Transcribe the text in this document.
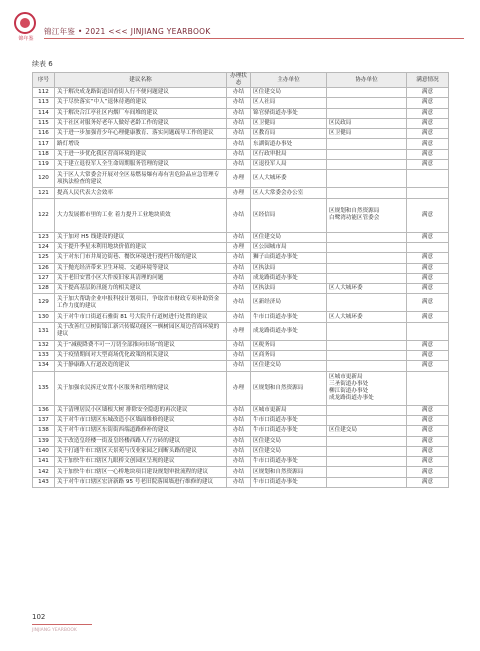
锦年鉴
锦江年鉴 • 2021 <<< JINJIANG YEARBOOK
续表 6
序号	建议名称	办理状态	主办单位	协办单位	满意情况
112	关于解决成龙路街道国香街人行不便问题建议	办结	区住建交局		满意
113	关于尽快落实“中人”退休待遇的建议	办结	区人社局		满意
114	关于解决合江亭社区内烟厂车间堆的建议	办结	锦官驿街道办事处		满意
115	关于社区对服务好老年人做好老龄工作的建议	办结	区卫健局	区民政局	满意
116	关于进一步加强青少年心理健康教育、落实问题疏导工作的建议	办结	区教育局	区卫健局	满意
117	路灯增设	办结	东湖街道办事处		满意
118	关于进一步优化我区营商环境的建议	办结	区行政审批局		满意
119	关于建立退役军人全生命周期服务管理的建议	办结	区退役军人局		满意
120	关于区人大常委会开展对全区易燃易爆有毒有害危险品应急管理专项执法检查的建议	办理	区人大城环委		
121	提高人民代表大会效率	办理	区人大常委会办公室		
122	大力发展都市里的工业 着力提升工业地块质效	办结	区经信局	区规划和自然资源局
白鹭湾功能区管委会	满意
123	关于加对 H5 线建设的建议	办结	区住建交局		满意
124	关于提升季星未利用地块价值的建议	办理	区公园城市局		
125	关于对东门市井周边街巷、餐饮环境进行提档升级的建议	办结	狮子山街道办事处		满意
126	关于抛光经济带来卫生环境、交通环境等建议	办结	区执法局		满意
127	关于老旧安置小区大件废旧家具清理的问题	办结	成龙路街道办事处		满意
128	关于提高基层防汛能力的相关建议	办结	区执法局	区人大城环委	满意
129	关于加大帮助企业申报科技计划项目，争取省市财政专项补助资金工作力度的建议	办结	区新经济局		满意
130	关于对牛市口街道石雅街 81 号大院升行道树进行处置的建议	办结	牛市口街道办事处	区人大城环委	满意
131	关于改善红豆树街锦江新兴传媒功能区一枫树园区周边营商环境的建议	办理	成龙路街道办事处		
132	关于“减税降费不可一刀切全部推向市场”的建议	办结	区税务局		满意
133	关于疫情期间对大型商场优化政策的相关建议	办结	区商务局		满意
134	关于静康路人行道改造的建议	办结	区住建交局		满意
135	关于加强农民拆迁安置小区服务和管理的建议	办理	区规划和自然资源局	区城市更新局
三圣街道办事处
柳江街道办事处
成龙路街道办事处	
136	关于清理居民小区墙根大树 排除安全隐患的再次建议	办结	区城市更新局		满意
137	关于对牛市口辖区东城改造小区墙面维修的建议	办结	牛市口街道办事处		满意
138	关于对牛市口辖区东街街西端道路修补的建议	办结	牛市口街道办事处	区住建交局	满意
139	关于改造皇经楼一街及皇经楼西路人行方砖的建议	办结	区住建交局		满意
140	关于打通牛市口辖区天景苑与戊业家园之间断头路的建议	办结	区住建交局		满意
141	关于加快牛市口辖区九眼桥文创园区呈现的建议	办结	牛市口街道办事处		满意
142	关于加快牛市口辖区一心桥地块项目建设规划审批流程的建议	办结	区规划和自然资源局		满意
143	关于对牛市口辖区宏济新路 95 号老旧院落围墙进行维修的建议	办结	牛市口街道办事处		满意
102
JINJIANG YEARBOOK
